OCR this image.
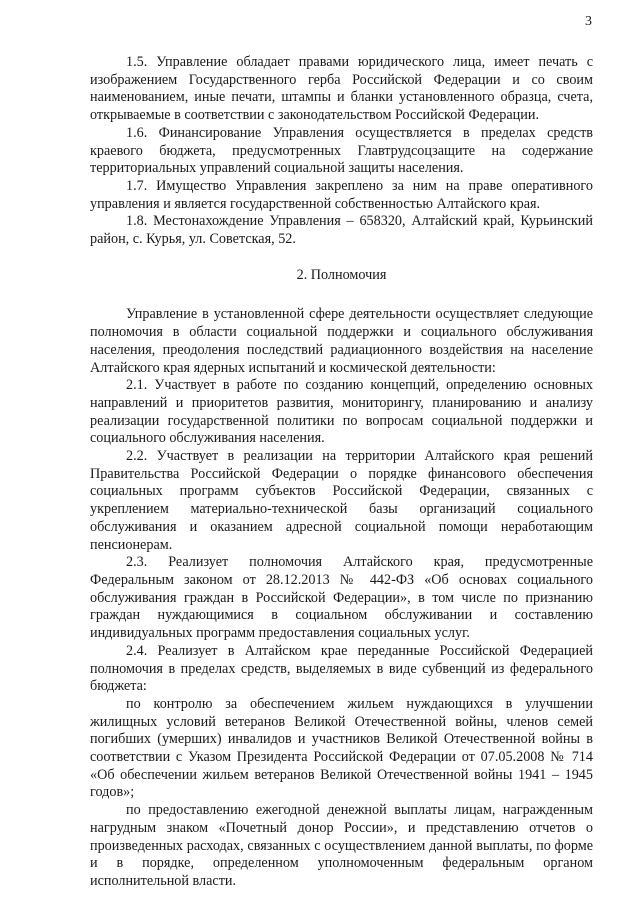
3

1.5. Управление обладает правами юридического лица, имеет печать с изображением Государственного герба Российской Федерации и со своим наименованием, иные печати, штампы и бланки установленного образца, счета, открываемые в соответствии с законодательством Российской Федерации.

1.6. Финансирование Управления осуществляется в пределах средств краевого бюджета, предусмотренных Главтрудсоцзащите на содержание территориальных управлений социальной защиты населения.

1.7. Имущество Управления закреплено за ним на праве оперативного управления и является государственной собственностью Алтайского края.

1.8. Местонахождение Управления – 658320, Алтайский край, Курьинский район, с. Курья, ул. Советская, 52.

2. Полномочия

Управление в установленной сфере деятельности осуществляет следующие полномочия в области социальной поддержки и социального обслуживания населения, преодоления последствий радиационного воздействия на население Алтайского края ядерных испытаний и космической деятельности:

2.1. Участвует в работе по созданию концепций, определению основных направлений и приоритетов развития, мониторингу, планированию и анализу реализации государственной политики по вопросам социальной поддержки и социального обслуживания населения.

2.2. Участвует в реализации на территории Алтайского края решений Правительства Российской Федерации о порядке финансового обеспечения социальных программ субъектов Российской Федерации, связанных с укреплением материально-технической базы организаций социального обслуживания и оказанием адресной социальной помощи неработающим пенсионерам.

2.3. Реализует полномочия Алтайского края, предусмотренные Федеральным законом от 28.12.2013 № 442-ФЗ «Об основах социального обслуживания граждан в Российской Федерации», в том числе по признанию граждан нуждающимися в социальном обслуживании и составлению индивидуальных программ предоставления социальных услуг.

2.4. Реализует в Алтайском крае переданные Российской Федерацией полномочия в пределах средств, выделяемых в виде субвенций из федерального бюджета:

по контролю за обеспечением жильем нуждающихся в улучшении жилищных условий ветеранов Великой Отечественной войны, членов семей погибших (умерших) инвалидов и участников Великой Отечественной войны в соответствии с Указом Президента Российской Федерации от 07.05.2008 № 714 «Об обеспечении жильем ветеранов Великой Отечественной войны 1941 – 1945 годов»;

по предоставлению ежегодной денежной выплаты лицам, награжденным нагрудным знаком «Почетный донор России», и представлению отчетов о произведенных расходах, связанных с осуществлением данной выплаты, по форме и в порядке, определенном уполномоченным федеральным органом исполнительной власти.
